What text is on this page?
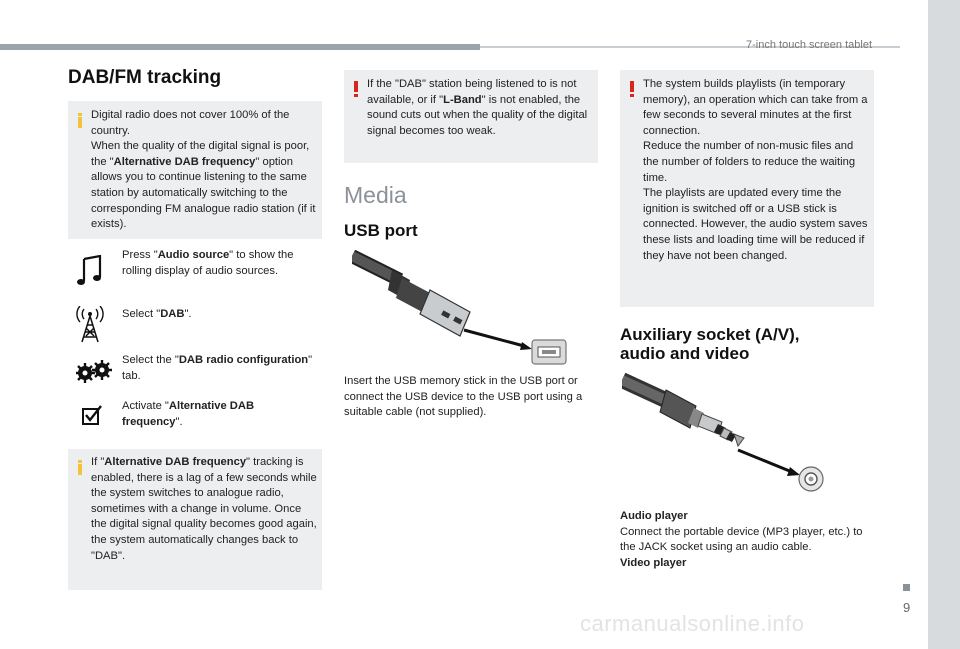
7-inch touch screen tablet
9
carmanualsonline.info
DAB/FM tracking

Digital radio does not cover 100% of the country.
When the quality of the digital signal is poor, the "Alternative DAB frequency" option allows you to continue listening to the same station by automatically switching to the corresponding FM analogue radio station (if it exists).

Press "Audio source" to show the rolling display of audio sources.
Select "DAB".
Select the "DAB radio configuration" tab.
Activate "Alternative DAB frequency".

If "Alternative DAB frequency" tracking is enabled, there is a lag of a few seconds while the system switches to analogue radio, sometimes with a change in volume. Once the digital signal quality becomes good again, the system automatically changes back to "DAB".

If the "DAB" station being listened to is not available, or if "L-Band" is not enabled, the sound cuts out when the quality of the digital signal becomes too weak.

Media
USB port
Insert the USB memory stick in the USB port or connect the USB device to the USB port using a suitable cable (not supplied).

The system builds playlists (in temporary memory), an operation which can take from a few seconds to several minutes at the first connection.
Reduce the number of non-music files and the number of folders to reduce the waiting time.
The playlists are updated every time the ignition is switched off or a USB stick is connected. However, the audio system saves these lists and loading time will be reduced if they have not been changed.

Auxiliary socket (A/V),
audio and video
Audio player
Connect the portable device (MP3 player, etc.) to the JACK socket using an audio cable.
Video player
